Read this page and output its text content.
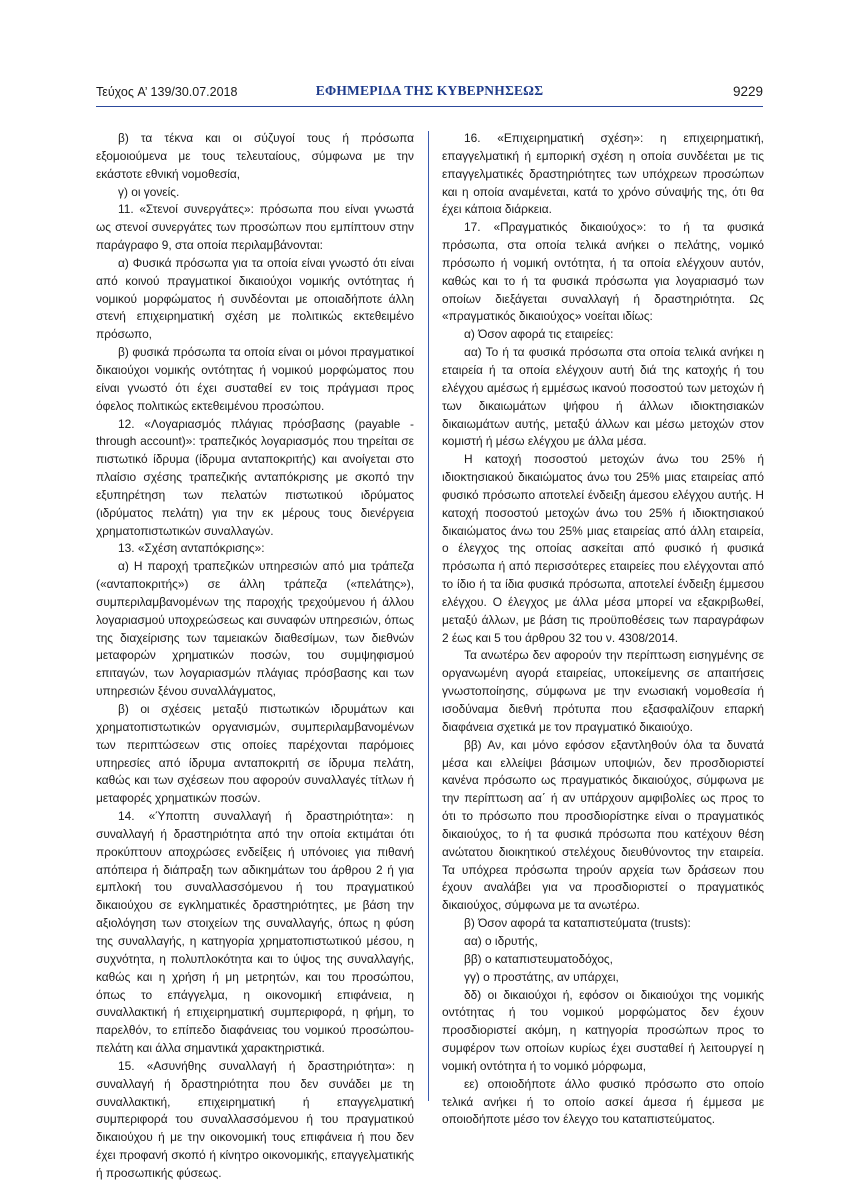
Τεύχος A’ 139/30.07.2018	ΕΦΗΜΕΡΙΔΑ ΤΗΣ ΚΥΒΕΡΝΗΣΕΩΣ	9229

β) τα τέκνα και οι σύζυγοί τους ή πρόσωπα εξομοιούμενα με τους τελευταίους, σύμφωνα με την εκάστοτε εθνική νομοθεσία,

γ) οι γονείς.

11. «Στενοί συνεργάτες»: πρόσωπα που είναι γνωστά ως στενοί συνεργάτες των προσώπων που εμπίπτουν στην παράγραφο 9, στα οποία περιλαμβάνονται:

α) Φυσικά πρόσωπα για τα οποία είναι γνωστό ότι είναι από κοινού πραγματικοί δικαιούχοι νομικής οντότητας ή νομικού μορφώματος ή συνδέονται με οποιαδήποτε άλλη στενή επιχειρηματική σχέση με πολιτικώς εκτεθειμένο πρόσωπο,

β) φυσικά πρόσωπα τα οποία είναι οι μόνοι πραγματικοί δικαιούχοι νομικής οντότητας ή νομικού μορφώματος που είναι γνωστό ότι έχει συσταθεί εν τοις πράγμασι προς όφελος πολιτικώς εκτεθειμένου προσώπου.

12. «Λογαριασμός πλάγιας πρόσβασης (payable - through account)»: τραπεζικός λογαριασμός που τηρείται σε πιστωτικό ίδρυμα (ίδρυμα ανταποκριτής) και ανοίγεται στο πλαίσιο σχέσης τραπεζικής ανταπόκρισης με σκοπό την εξυπηρέτηση των πελατών πιστωτικού ιδρύματος (ιδρύματος πελάτη) για την εκ μέρους τους διενέργεια χρηματοπιστωτικών συναλλαγών.

13. «Σχέση ανταπόκρισης»:

α) Η παροχή τραπεζικών υπηρεσιών από μια τράπεζα («ανταποκριτής») σε άλλη τράπεζα («πελάτης»), συμπεριλαμβανομένων της παροχής τρεχούμενου ή άλλου λογαριασμού υποχρεώσεως και συναφών υπηρεσιών, όπως της διαχείρισης των ταμειακών διαθεσίμων, των διεθνών μεταφορών χρηματικών ποσών, του συμψηφισμού επιταγών, των λογαριασμών πλάγιας πρόσβασης και των υπηρεσιών ξένου συναλλάγματος,

β) οι σχέσεις μεταξύ πιστωτικών ιδρυμάτων και χρηματοπιστωτικών οργανισμών, συμπεριλαμβανομένων των περιπτώσεων στις οποίες παρέχονται παρόμοιες υπηρεσίες από ίδρυμα ανταποκριτή σε ίδρυμα πελάτη, καθώς και των σχέσεων που αφορούν συναλλαγές τίτλων ή μεταφορές χρηματικών ποσών.

14. «Ύποπτη συναλλαγή ή δραστηριότητα»: η συναλλαγή ή δραστηριότητα από την οποία εκτιμάται ότι προκύπτουν αποχρώσες ενδείξεις ή υπόνοιες για πιθανή απόπειρα ή διάπραξη των αδικημάτων του άρθρου 2 ή για εμπλοκή του συναλλασσόμενου ή του πραγματικού δικαιούχου σε εγκληματικές δραστηριότητες, με βάση την αξιολόγηση των στοιχείων της συναλλαγής, όπως η φύση της συναλλαγής, η κατηγορία χρηματοπιστωτικού μέσου, η συχνότητα, η πολυπλοκότητα και το ύψος της συναλλαγής, καθώς και η χρήση ή μη μετρητών, και του προσώπου, όπως το επάγγελμα, η οικονομική επιφάνεια, η συναλλακτική ή επιχειρηματική συμπεριφορά, η φήμη, το παρελθόν, το επίπεδο διαφάνειας του νομικού προσώπου-πελάτη και άλλα σημαντικά χαρακτηριστικά.

15. «Ασυνήθης συναλλαγή ή δραστηριότητα»: η συναλλαγή ή δραστηριότητα που δεν συνάδει με τη συναλλακτική, επιχειρηματική ή επαγγελματική συμπεριφορά του συναλλασσόμενου ή του πραγματικού δικαιούχου ή με την οικονομική τους επιφάνεια ή που δεν έχει προφανή σκοπό ή κίνητρο οικονομικής, επαγγελματικής ή προσωπικής φύσεως.

16. «Επιχειρηματική σχέση»: η επιχειρηματική, επαγγελματική ή εμπορική σχέση η οποία συνδέεται με τις επαγγελματικές δραστηριότητες των υπόχρεων προσώπων και η οποία αναμένεται, κατά το χρόνο σύναψής της, ότι θα έχει κάποια διάρκεια.

17. «Πραγματικός δικαιούχος»: το ή τα φυσικά πρόσωπα, στα οποία τελικά ανήκει ο πελάτης, νομικό πρόσωπο ή νομική οντότητα, ή τα οποία ελέγχουν αυτόν, καθώς και το ή τα φυσικά πρόσωπα για λογαριασμό των οποίων διεξάγεται συναλλαγή ή δραστηριότητα. Ως «πραγματικός δικαιούχος» νοείται ιδίως:

α) Όσον αφορά τις εταιρείες:

αα) Το ή τα φυσικά πρόσωπα στα οποία τελικά ανήκει η εταιρεία ή τα οποία ελέγχουν αυτή διά της κατοχής ή του ελέγχου αμέσως ή εμμέσως ικανού ποσοστού των μετοχών ή των δικαιωμάτων ψήφου ή άλλων ιδιοκτησιακών δικαιωμάτων αυτής, μεταξύ άλλων και μέσω μετοχών στον κομιστή ή μέσω ελέγχου με άλλα μέσα.

Η κατοχή ποσοστού μετοχών άνω του 25% ή ιδιοκτησιακού δικαιώματος άνω του 25% μιας εταιρείας από φυσικό πρόσωπο αποτελεί ένδειξη άμεσου ελέγχου αυτής. Η κατοχή ποσοστού μετοχών άνω του 25% ή ιδιοκτησιακού δικαιώματος άνω του 25% μιας εταιρείας από άλλη εταιρεία, ο έλεγχος της οποίας ασκείται από φυσικό ή φυσικά πρόσωπα ή από περισσότερες εταιρείες που ελέγχονται από το ίδιο ή τα ίδια φυσικά πρόσωπα, αποτελεί ένδειξη έμμεσου ελέγχου. Ο έλεγχος με άλλα μέσα μπορεί να εξακριβωθεί, μεταξύ άλλων, με βάση τις προϋποθέσεις των παραγράφων 2 έως και 5 του άρθρου 32 του ν. 4308/2014.

Τα ανωτέρω δεν αφορούν την περίπτωση εισηγμένης σε οργανωμένη αγορά εταιρείας, υποκείμενης σε απαιτήσεις γνωστοποίησης, σύμφωνα με την ενωσιακή νομοθεσία ή ισοδύναμα διεθνή πρότυπα που εξασφαλίζουν επαρκή διαφάνεια σχετικά με τον πραγματικό δικαιούχο.

ββ) Αν, και μόνο εφόσον εξαντληθούν όλα τα δυνατά μέσα και ελλείψει βάσιμων υποψιών, δεν προσδιοριστεί κανένα πρόσωπο ως πραγματικός δικαιούχος, σύμφωνα με την περίπτωση αα΄ ή αν υπάρχουν αμφιβολίες ως προς το ότι το πρόσωπο που προσδιορίστηκε είναι ο πραγματικός δικαιούχος, το ή τα φυσικά πρόσωπα που κατέχουν θέση ανώτατου διοικητικού στελέχους διευθύνοντος την εταιρεία. Τα υπόχρεα πρόσωπα τηρούν αρχεία των δράσεων που έχουν αναλάβει για να προσδιοριστεί ο πραγματικός δικαιούχος, σύμφωνα με τα ανωτέρω.

β) Όσον αφορά τα καταπιστεύματα (trusts):

αα) ο ιδρυτής,

ββ) ο καταπιστευματοδόχος,

γγ) ο προστάτης, αν υπάρχει,

δδ) οι δικαιούχοι ή, εφόσον οι δικαιούχοι της νομικής οντότητας ή του νομικού μορφώματος δεν έχουν προσδιοριστεί ακόμη, η κατηγορία προσώπων προς το συμφέρον των οποίων κυρίως έχει συσταθεί ή λειτουργεί η νομική οντότητα ή το νομικό μόρφωμα,

εε) οποιοδήποτε άλλο φυσικό πρόσωπο στο οποίο τελικά ανήκει ή το οποίο ασκεί άμεσα ή έμμεσα με οποιοδήποτε μέσο τον έλεγχο του καταπιστεύματος.
